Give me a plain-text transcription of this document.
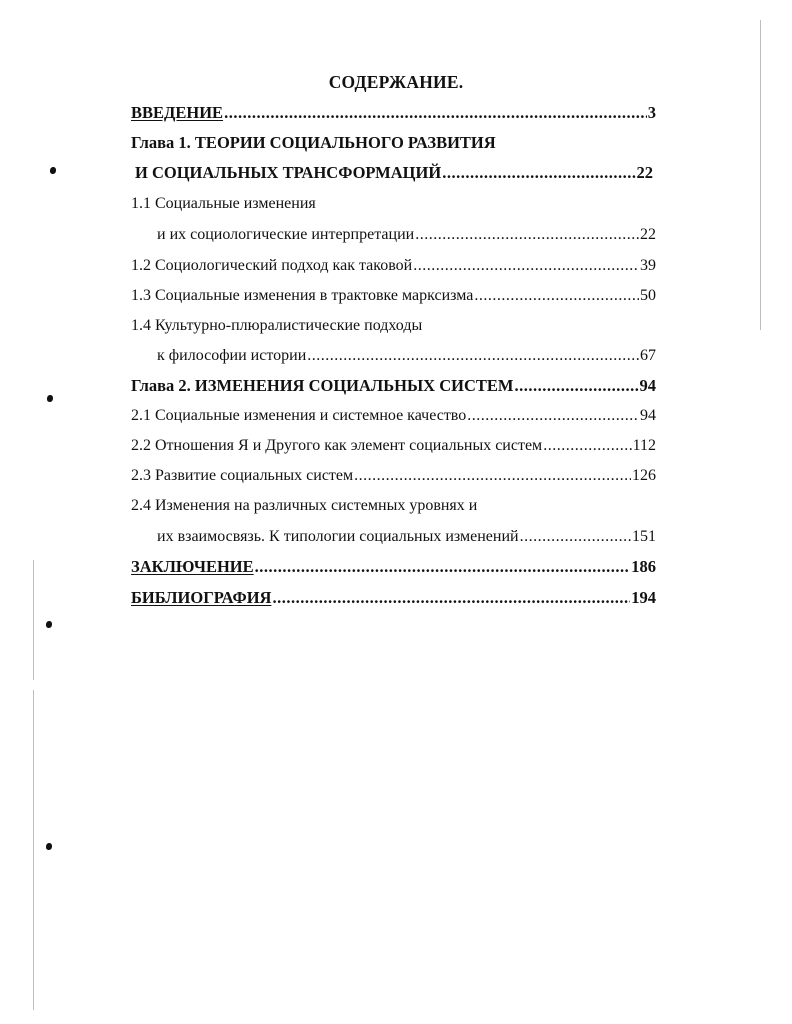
СОДЕРЖАНИЕ.
ВВЕДЕНИЕ .....	3
Глава 1. ТЕОРИИ СОЦИАЛЬНОГО РАЗВИТИЯ
И СОЦИАЛЬНЫХ ТРАНСФОРМАЦИЙ .....	22
1.1 Социальные изменения
и их социологические интерпретации .....	22
1.2 Социологический подход как таковой .....	39
1.3 Социальные изменения в трактовке марксизма .....	50
1.4 Культурно-плюралистические подходы
к философии истории .....	67
Глава 2. ИЗМЕНЕНИЯ СОЦИАЛЬНЫХ СИСТЕМ .....	94
2.1 Социальные изменения и системное качество .....	94
2.2 Отношения Я и Другого как элемент социальных систем .....	112
2.3 Развитие социальных систем .....	126
2.4 Изменения на различных системных уровнях и
их взаимосвязь. К типологии социальных изменений .....	151
ЗАКЛЮЧЕНИЕ .....	186
БИБЛИОГРАФИЯ .....	194
